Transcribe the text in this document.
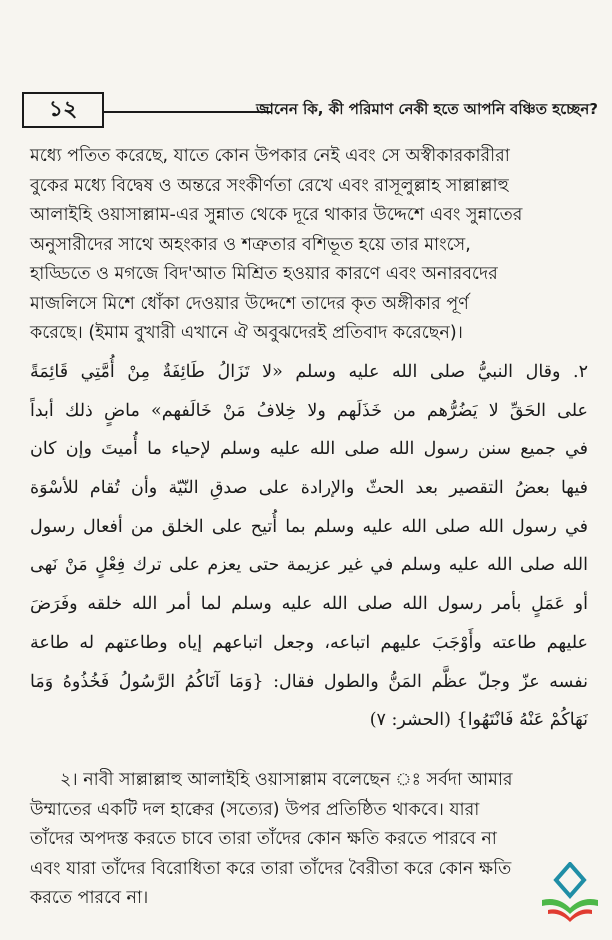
১২	জানেন কি, কী পরিমাণ নেকী হতে আপনি বঞ্চিত হচ্ছেন?

মধ্যে পতিত করেছে, যাতে কোন উপকার নেই এবং সে অস্বীকারকারীরা

বুকের মধ্যে বিদ্বেষ ও অন্তরে সংকীর্ণতা রেখে এবং রাসূলুল্লাহ সাল্লাল্লাহু

আলাইহি ওয়াসাল্লাম-এর সুন্নাত থেকে দূরে থাকার উদ্দেশে এবং সুন্নাতের

অনুসারীদের সাথে অহংকার ও শত্রুতার বশিভূত হয়ে তার মাংসে,

হাড্ডিতে ও মগজে বিদ'আত মিশ্রিত হওয়ার কারণে এবং অনারবদের

মাজলিসে মিশে ধোঁকা দেওয়ার উদ্দেশে তাদের কৃত অঙ্গীকার পূর্ণ

করেছে। (ইমাম বুখারী এখানে ঐ অবুঝদেরই প্রতিবাদ করেছেন)।

٢. وقال النبيُّ صلى الله عليه وسلم «لا تَزَالُ طَائِفَةٌ مِنْ أُمَّتِي قَائِمَةً

على الحَقِّ لا يَضُرُّهم من خَذَلَهم ولا خِلافُ مَنْ خَالَفهم» ماضٍ ذلك أبداً

في جميع سنن رسول الله صلى الله عليه وسلم لإحياء ما أُميتَ وإن كان

فيها بعضُ التقصير بعد الحثّ والإرادة على صدقِ النّيّة وأن تُقام للأسْوَة

في رسول الله صلى الله عليه وسلم بما أُتيح على الخلق من أفعال رسول

الله صلى الله عليه وسلم في غير عزيمة حتى يعزم على ترك فِعْلٍ مَنْ نَهى

أو عَمَلٍ بأمر رسول الله صلى الله عليه وسلم لما أمر الله خلقه وفَرَضَ

عليهم طاعته وأَوْجَبَ عليهم اتباعه، وجعل اتباعهم إياه وطاعتهم له طاعة

نفسه عزّ وجلّ عظَّم المَنُّ والطول فقال: {وَمَا آتَاكُمُ الرَّسُولُ فَخُذُوهُ وَمَا

نَهَاكُمْ عَنْهُ فَانْتَهُوا} (الحشر: ٧)

২। নাবী সাল্লাল্লাহু আলাইহি ওয়াসাল্লাম বলেছেন ঃ সর্বদা আমার

উম্মাতের একটি দল হাক্বের (সত্যের) উপর প্রতিষ্ঠিত থাকবে। যারা

তাঁদের অপদস্ত করতে চাবে তারা তাঁদের কোন ক্ষতি করতে পারবে না

এবং যারা তাঁদের বিরোধিতা করে তারা তাঁদের বৈরীতা করে কোন ক্ষতি

করতে পারবে না।
